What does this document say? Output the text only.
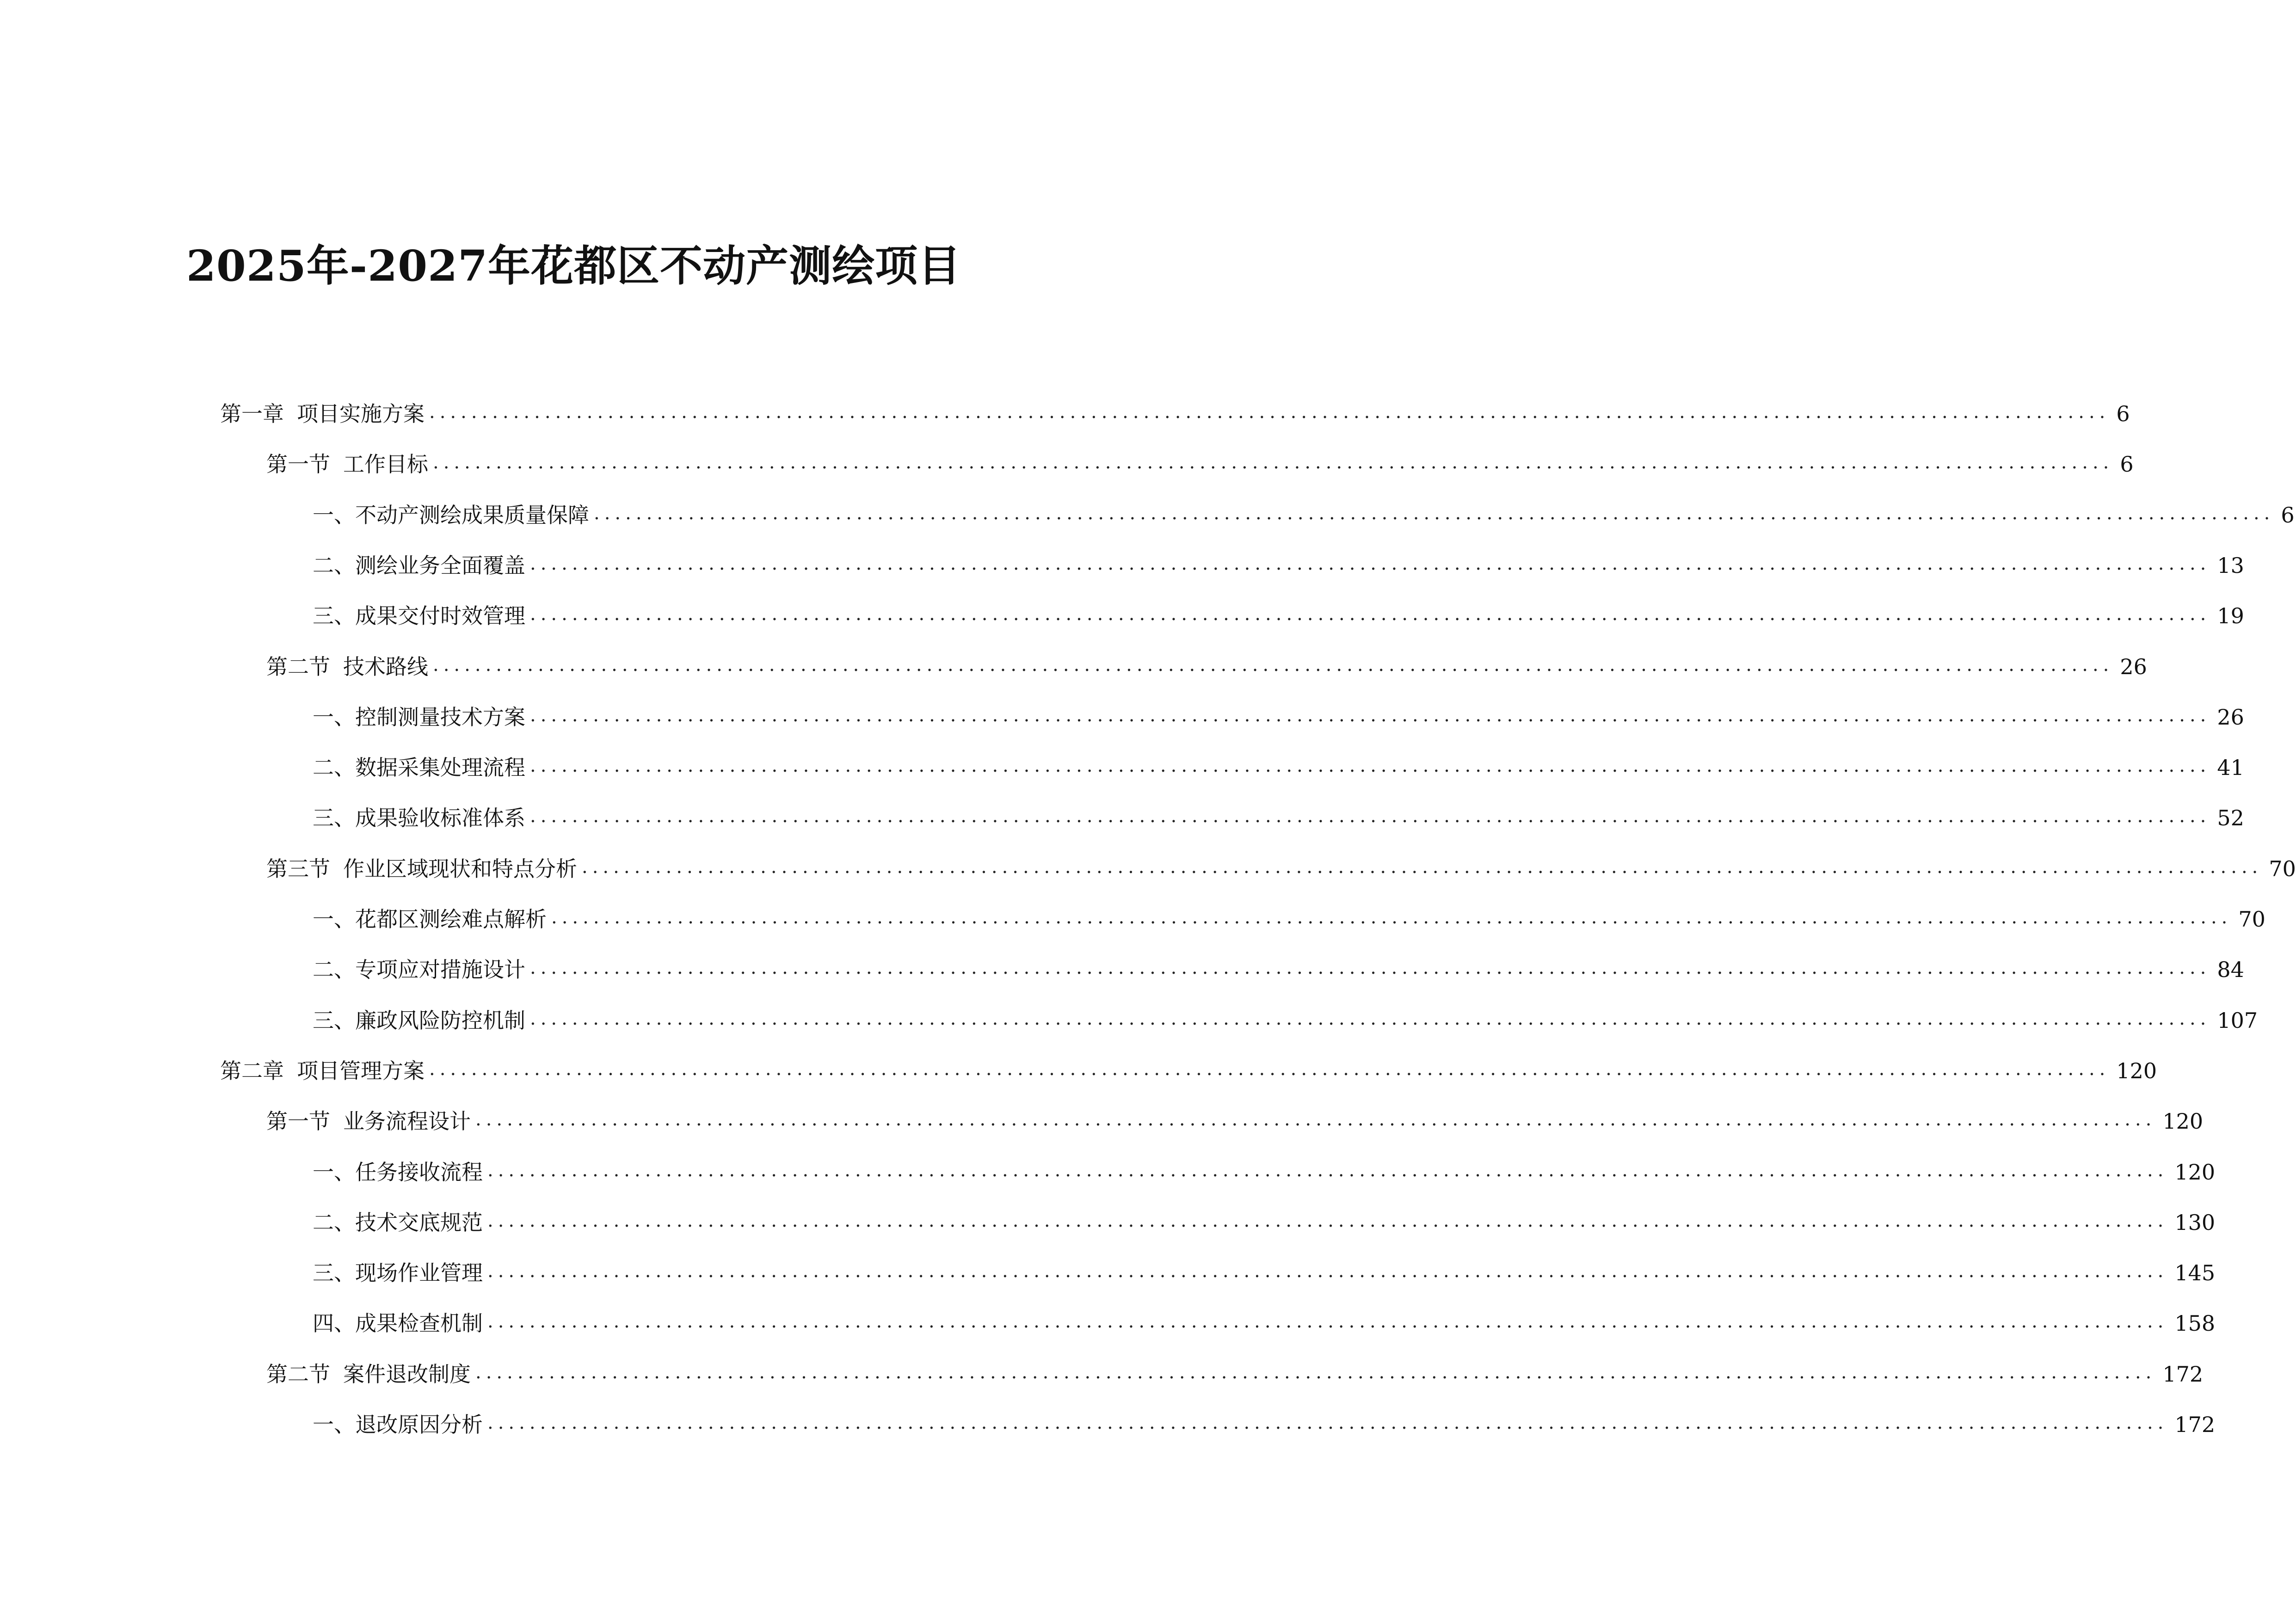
2025年-2027年花都区不动产测绘项目
第一章 项目实施方案 ................................................................................................................................................................ 6
第一节 工作目标 ................................................................................................................................................................ 6
一、 不动产测绘成果质量保障 ................................................................................................................................................................ 6
二、 测绘业务全面覆盖 ................................................................................................................................................................ 13
三、 成果交付时效管理 ................................................................................................................................................................ 19
第二节 技术路线 ................................................................................................................................................................ 26
一、 控制测量技术方案 ................................................................................................................................................................ 26
二、 数据采集处理流程 ................................................................................................................................................................ 41
三、 成果验收标准体系 ................................................................................................................................................................ 52
第三节 作业区域现状和特点分析 ................................................................................................................................................................ 70
一、 花都区测绘难点解析 ................................................................................................................................................................ 70
二、 专项应对措施设计 ................................................................................................................................................................ 84
三、 廉政风险防控机制 ................................................................................................................................................................ 107
第二章 项目管理方案 ................................................................................................................................................................ 120
第一节 业务流程设计 ................................................................................................................................................................ 120
一、 任务接收流程 ................................................................................................................................................................ 120
二、 技术交底规范 ................................................................................................................................................................ 130
三、 现场作业管理 ................................................................................................................................................................ 145
四、 成果检查机制 ................................................................................................................................................................ 158
第二节 案件退改制度 ................................................................................................................................................................ 172
一、 退改原因分析 ................................................................................................................................................................ 172
